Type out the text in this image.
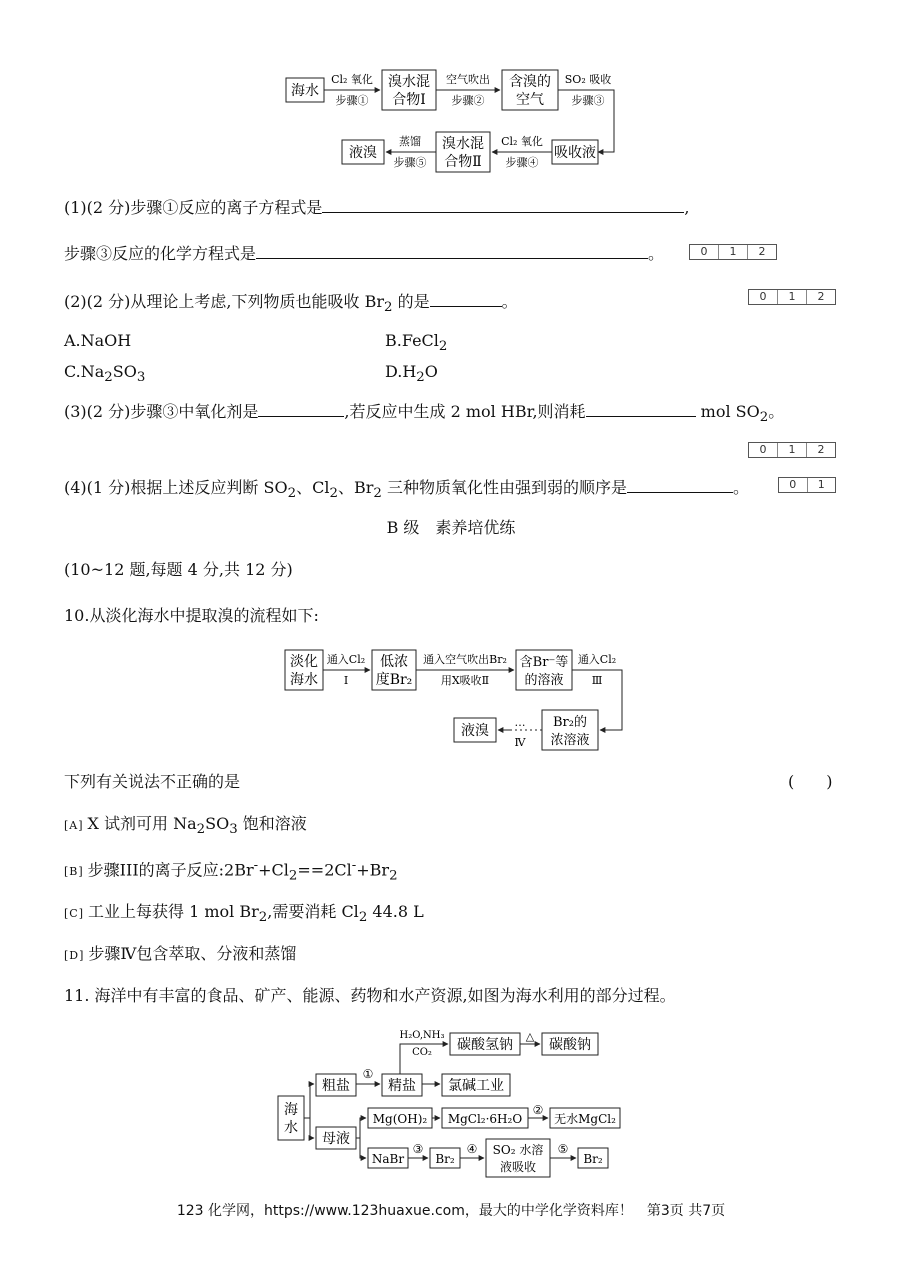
海水
Cl₂ 氧化
步骤①
溴水混
合物Ⅰ
空气吹出
步骤②
含溴的
空气
SO₂ 吸收
步骤③
吸收液
Cl₂ 氧化
步骤④
溴水混
合物Ⅱ
蒸馏
步骤⑤
液溴
(1)(2 分)步骤①反应的离子方程式是	,
步骤③反应的化学方程式是	。	0	1	2
(2)(2 分)从理论上考虑,下列物质也能吸收 $Br_2$ 的是	。	0	1	2
A.NaOH	B.FeCl$_2$
$C.Na_2SO_3$	$D.H_2O$
(3)(2 分)步骤③中氧化剂是	,若反应中生成 2 mol HBr,则消耗	mol $SO_2$。
0	1	2
(4)(1 分)根据上述反应判断 $SO_2$、$Cl_2$、$Br_2$ 三种物质氧化性由强到弱的顺序是	。	0	1
B 级　素养培优练
(10~12 题,每题 4 分,共 12 分)
10.从淡化海水中提取溴的流程如下:
淡化
海水
通入Cl₂
Ⅰ
低浓
度Br₂
通入空气吹出Br₂
用X吸收Ⅱ
含Br⁻等
的溶液
通入Cl₂
Ⅲ
Br₂的
浓溶液
…
Ⅳ
液溴
下列有关说法不正确的是	(　　)
[A] X 试剂可用 $Na_2SO_3$ 饱和溶液
[B] 步骤III的离子反应$:2Br^-+Cl_2==2Cl^-+Br_2$
[C] 工业上每获得 1 mol $Br_2$,需要消耗 $Cl_2$ 44.8 L
[D] 步骤Ⅳ包含萃取、分液和蒸馏
11. 海洋中有丰富的食品、矿产、能源、药物和水产资源,如图为海水利用的部分过程。
海
水
粗盐
①
精盐
H₂O,NH₃
CO₂
氯碱工业
碳酸氢钠
△
碳酸钠
母液
Mg(OH)₂ MgCl₂·6H₂O
②
无水MgCl₂
NaBr
③
Br₂
④ SO₂ 水溶
液吸收
⑤
Br₂
123 化学网，https://www.123huaxue.com，最大的中学化学资料库！　第3页 共7页
